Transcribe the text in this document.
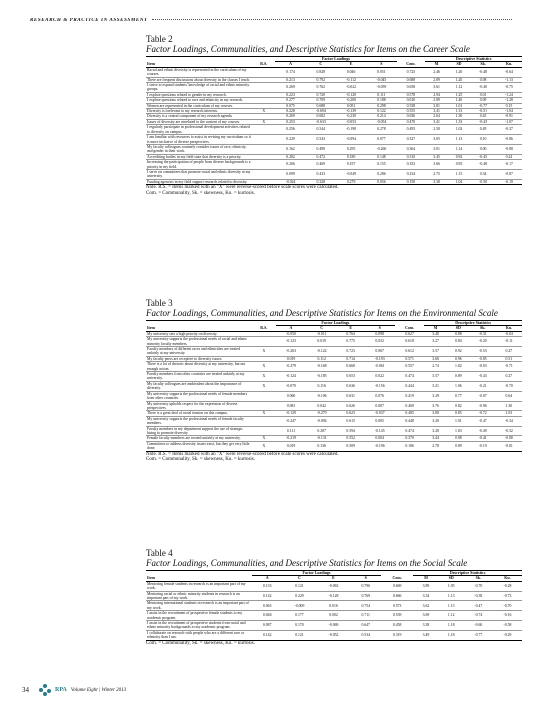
RESEARCH & PRACTICE IN ASSESSMENT
Table 2
Factor Loadings, Communalities, and Descriptive Statistics for Items on the Career Scale
		Factor Loadings					Descriptive Statistics			
Item	R.S.	A	C	E	S	Com.	M	SD	Sk.	Ku.
Racial and ethnic diversity is represented in the curriculum of my courses.		0.174	0.828	0.046	0.051	0.725	2.46	1.20	-0.48	-0.64
There are frequent discussions about diversity in the classes I teach.		0.213	0.792	-0.112	-0.045	0.688	2.89	1.20	0.08	-1.13
I strive to expand students' knowledge of racial and ethnic minority groups.		0.269	0.762	-0.022	-0.059	0.658	3.61	1.12	-0.40	-0.75
I explore questions related to gender in my research.		0.223	0.720	-0.120	0.111	0.578	2.94	1.25	0.01	-1.24
I explore questions related to race and ethnicity in my research.		0.277	0.709	-0.200	0.188	0.610	2.89	1.40	0.09	-1.28
Women are represented in the curriculum of my courses.		0.075	0.688	0.051	0.298	0.538	3.81	1.01	-0.77	0.15
Diversity is irrelevant to my research interests.	X	0.228	-0.694	-0.139	0.122	0.555	3.41	1.31	-0.51	-1.04
Diversity is a central component of my research agenda.		0.269	0.682	-0.230	0.214	0.636	2.64	1.30	0.45	-0.91
Issues of diversity are unrelated to the content of my courses.	X	0.253	-0.633	-0.053	-0.054	0.470	3.41	1.33	-0.43	-1.07
I regularly participate in professional development activities related to diversity on campus.		0.256	0.544	-0.198	0.278	0.495	2.50	1.02	0.49	-0.37
I am familiar with resources to assist in revising my curriculum so it is more inclusive of diverse perspectives.		0.229	0.543	-0.094	0.077	0.327	3.05	1.13	0.10	-0.86
My faculty colleagues routinely consider issues of race, ethnicity, and gender in their work.		0.162	0.490	0.295	-0.260	0.364	3.01	1.14	0.00	-0.88
Accrediting bodies in my field state that diversity is a priority.		0.282	0.472	0.180	0.148	0.310	3.45	0.92	-0.45	0.24
Increasing the participation of people from diverse backgrounds is a priority in my field.		0.266	0.469	0.197	0.155	0.353	3.66	0.95	-0.48	-0.17
I serve on committees that promote racial and ethnic diversity at my university.		0.099	0.433	-0.049	0.286	0.234	2.75	1.15	0.34	-0.87
Funding agencies in my field support research related to diversity.		-0.024	0.328	0.279	0.056	0.150	3.38	1.04	-0.50	-0.19
Note. R.S. = Items marked with an "X" were reverse-scored before scale scores were calculated.
Com. = Communality, Sk. = skewness, Ku. = kurtosis.
Table 3
Factor Loadings, Communalities, and Descriptive Statistics for Items on the Environmental Scale
		Factor Loadings					Descriptive Statistics			
Item	R.S.	A	C	E	S	Com.	M	SD	Sk.	Ku.
My university sets a high priority on diversity.		-0.050	-0.011	0.764	0.098	0.627	3.40	0.88	-0.31	-0.04
My university supports the professional needs of racial and ethnic minority faculty members.		-0.123	0.019	0.775	0.032	0.618	3.27	0.84	-0.20	-0.11
Faculty members of different races and ethnicities are treated unfairly at my university.	X	-0.263	-0.124	0.723	0.067	0.612	3.57	0.92	-0.53	0.47
My faculty peers are receptive to diversity issues.		0.019	0.112	0.714	-0.193	0.571	3.60	0.96	-0.85	0.51
There is a lot of rhetoric about diversity at my university, but not enough action.	X	-0.279	-0.168	0.668	-0.061	0.557	2.74	1.02	-0.03	-0.71
Faculty members from other countries are treated unfairly at my university.	X	-0.124	-0.185	0.653	0.022	0.474	3.57	0.89	-0.43	0.27
My faculty colleagues are ambivalent about the importance of diversity.	X	-0.070	0.116	0.636	-0.156	0.444	3.21	1.06	-0.21	-0.70
My university supports the professional needs of female members from other countries.		0.060	-0.106	0.631	0.076	0.419	3.29	0.77	-0.07	0.64
My university upholds respect for the expression of diverse perspectives.		0.081	0.042	0.626	0.007	0.400	3.76	0.82	-0.96	1.30
There is a great deal of racial tension on this campus.	X	-0.129	-0.279	0.623	-0.037	0.485	3.80	0.85	-0.72	1.03
My university supports the professional needs of female faculty members.		-0.247	-0.094	0.615	0.005	0.448	3.20	1.01	-0.47	-0.34
Faculty members in my department support the use of strategic hiring to promote diversity.		0.111	0.287	0.594	-0.145	0.474	3.28	1.03	-0.49	-0.32
Female faculty members are treated unfairly at my university.	X	-0.219	-0.131	0.552	0.004	0.370	3.44	0.98	-0.41	-0.08
Committees to address diversity issues exist, but they get very little done.	X	0.019	0.136	0.509	-0.196	0.186	2.78	0.89	-0.19	-0.01
Note. R.S. = Items marked with an "X" were reverse-scored before scale scores were calculated.
Com. = Communality, Sk. = skewness, Ku. = kurtosis.
Table 4
Factor Loadings, Communalities, and Descriptive Statistics for Items on the Social Scale
	Factor Loadings					Descriptive Statistics			
Item	A	C	E	S	Com.	M	SD	Sk.	Ku.
Mentoring female students in research is an important part of my work.	0.133	0.121	-0.063	0.796	0.669	3.89	1.05	-0.70	-0.28
Mentoring racial or ethnic minority students in research is an important part of my work.	0.142	0.229	-0.128	0.769	0.666	3.34	1.13	-0.38	-0.73
Mentoring international students in research is an important part of my work.	0.065	-0.009	0.016	0.754	0.573	3.62	1.15	-0.47	-0.70
I assist in the recruitment of prospective female students to my academic program.	0.046	0.177	0.002	0.711	0.539	3.69	1.12	-0.74	-0.16
I assist in the recruitment of prospective students from racial and ethnic minority backgrounds to my academic program.	0.087	0.170	-0.069	0.647	0.458	3.38	1.18	-0.60	-0.58
I collaborate on research with people who are a different race or ethnicity than I am.	0.142	0.121	-0.052	0.534	0.319	3.49	1.18	-0.77	-0.29
Com. = Communality, Sk. = skewness, Ku. = kurtosis.
34	RPA Volume Eight | Winter 2013
